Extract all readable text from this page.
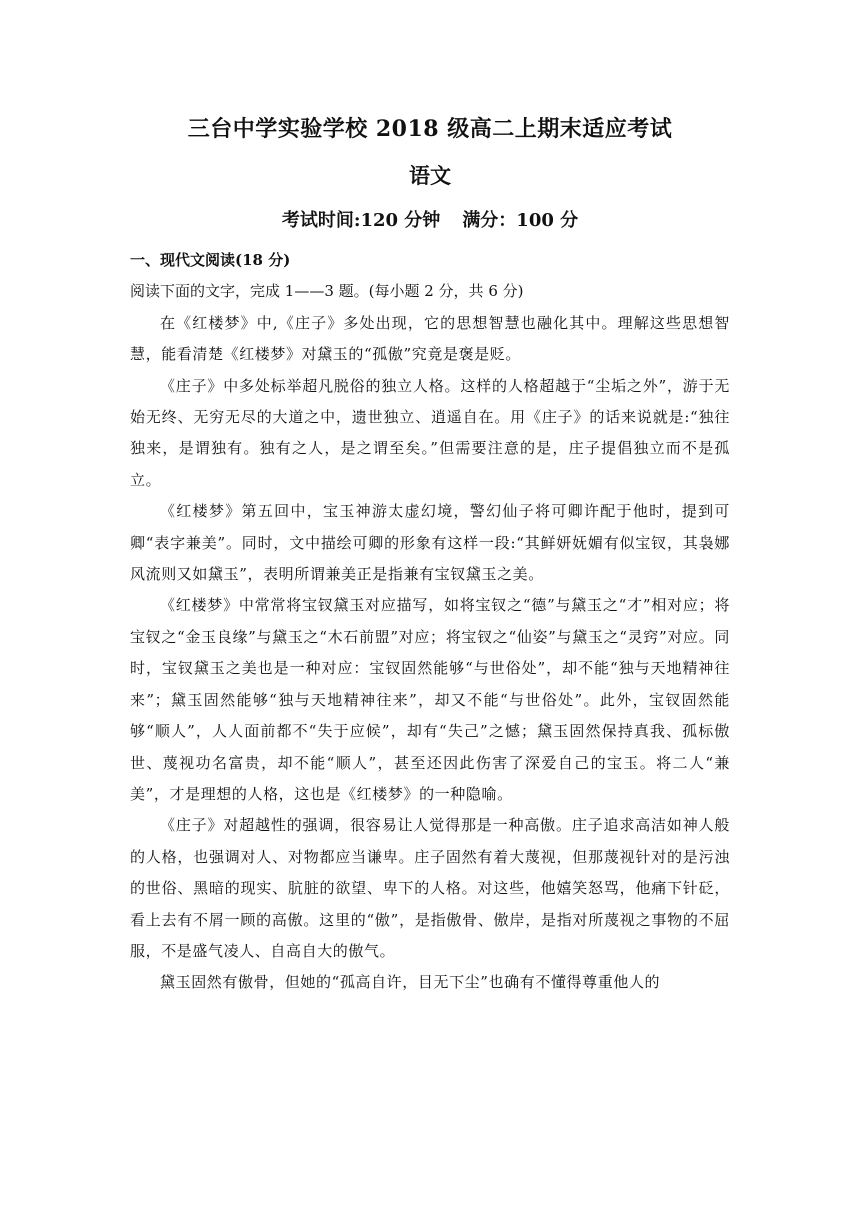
三台中学实验学校 2018 级高二上期末适应考试
语文
考试时间:120 分钟 满分：100 分

一、现代文阅读(18 分)

阅读下面的文字，完成 1——3 题。(每小题 2 分，共 6 分)

在《红楼梦》中,《庄子》多处出现，它的思想智慧也融化其中。理解这些思想智慧，能看清楚《红楼梦》对黛玉的“孤傲”究竟是褒是贬。

《庄子》中多处标举超凡脱俗的独立人格。这样的人格超越于“尘垢之外”，游于无始无终、无穷无尽的大道之中，遗世独立、逍遥自在。用《庄子》的话来说就是:“独往独来，是谓独有。独有之人，是之谓至矣。”但需要注意的是，庄子提倡独立而不是孤立。

《红楼梦》第五回中，宝玉神游太虚幻境，警幻仙子将可卿许配于他时，提到可卿“表字兼美”。同时，文中描绘可卿的形象有这样一段:“其鲜妍妩媚有似宝钗，其袅娜风流则又如黛玉”，表明所谓兼美正是指兼有宝钗黛玉之美。

《红楼梦》中常常将宝钗黛玉对应描写，如将宝钗之“德”与黛玉之“才”相对应；将宝钗之“金玉良缘”与黛玉之“木石前盟”对应；将宝钗之“仙姿”与黛玉之“灵窍”对应。同时，宝钗黛玉之美也是一种对应：宝钗固然能够“与世俗处”，却不能“独与天地精神往来”；黛玉固然能够“独与天地精神往来”，却又不能“与世俗处”。此外，宝钗固然能够“顺人”，人人面前都不“失于应候”，却有“失己”之憾；黛玉固然保持真我、孤标傲世、蔑视功名富贵，却不能“顺人”，甚至还因此伤害了深爱自己的宝玉。将二人“兼美”，才是理想的人格，这也是《红楼梦》的一种隐喻。

《庄子》对超越性的强调，很容易让人觉得那是一种高傲。庄子追求高洁如神人般的人格，也强调对人、对物都应当谦卑。庄子固然有着大蔑视，但那蔑视针对的是污浊的世俗、黑暗的现实、肮脏的欲望、卑下的人格。对这些，他嬉笑怒骂，他痛下针砭，看上去有不屑一顾的高傲。这里的“傲”，是指傲骨、傲岸，是指对所蔑视之事物的不屈服，不是盛气凌人、自高自大的傲气。

黛玉固然有傲骨，但她的“孤高自许，目无下尘”也确有不懂得尊重他人的
